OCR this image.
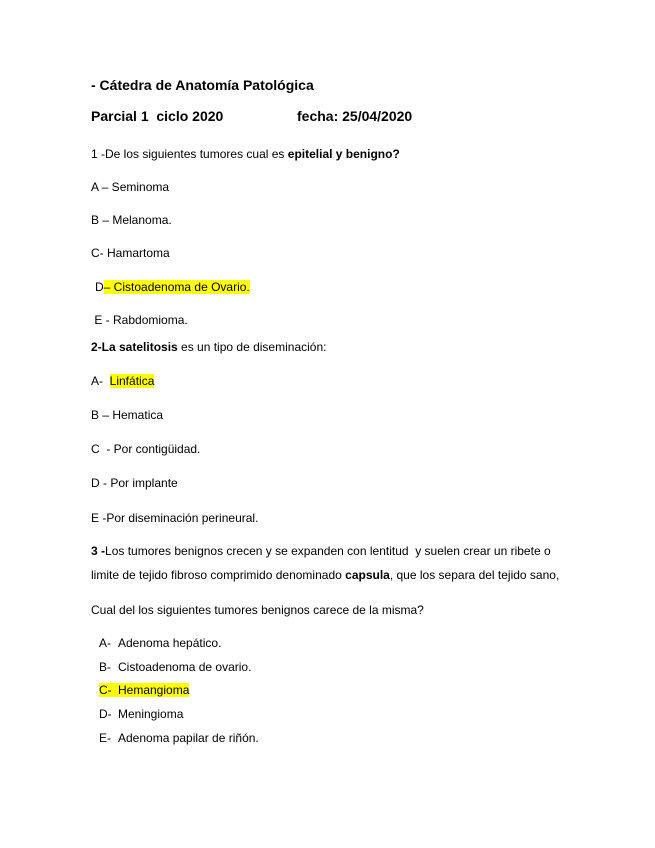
- Cátedra de Anatomía Patológica
Parcial 1  ciclo 2020	fecha: 25/04/2020
1 -De los siguientes tumores cual es epitelial y benigno?
A – Seminoma
B – Melanoma.
C- Hamartoma
D– Cistoadenoma de Ovario.
E - Rabdomioma.
2-La satelitosis es un tipo de diseminación:
A-  Linfática
B – Hematica
C  - Por contigüidad.
D - Por implante
E -Por diseminación perineural.
3 -Los tumores benignos crecen y se expanden con lentitud  y suelen crear un ribete o
limite de tejido fibroso comprimido denominado capsula, que los separa del tejido sano,
Cual del los siguientes tumores benignos carece de la misma?
A- Adenoma hepático.
B- Cistoadenoma de ovario.
C- Hemangioma
D- Meningioma
E- Adenoma papilar de riñón.
